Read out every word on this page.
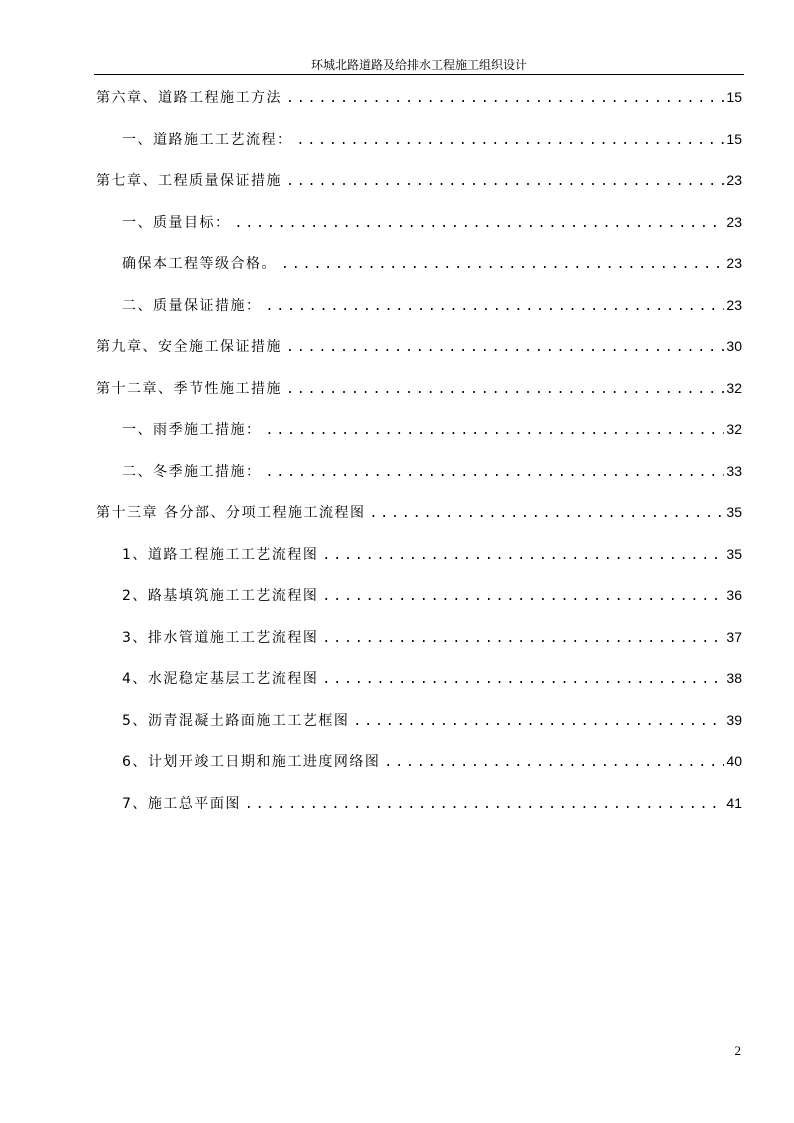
环城北路道路及给排水工程施工组织设计
第六章、道路工程施工方法 .....	15
一、道路施工工艺流程： .....	15
第七章、工程质量保证措施 .....	23
一、质量目标： .....	23
确保本工程等级合格。 .....	23
二、质量保证措施： .....	23
第九章、安全施工保证措施 .....	30
第十二章、季节性施工措施 .....	32
一、雨季施工措施： .....	32
二、冬季施工措施： .....	33
第十三章 各分部、分项工程施工流程图 .....	35
1、道路工程施工工艺流程图 .....	35
2、路基填筑施工工艺流程图 .....	36
3、排水管道施工工艺流程图 .....	37
4、水泥稳定基层工艺流程图 .....	38
5、沥青混凝土路面施工工艺框图 .....	39
6、计划开竣工日期和施工进度网络图 .....	40
7、施工总平面图 .....	41
2
